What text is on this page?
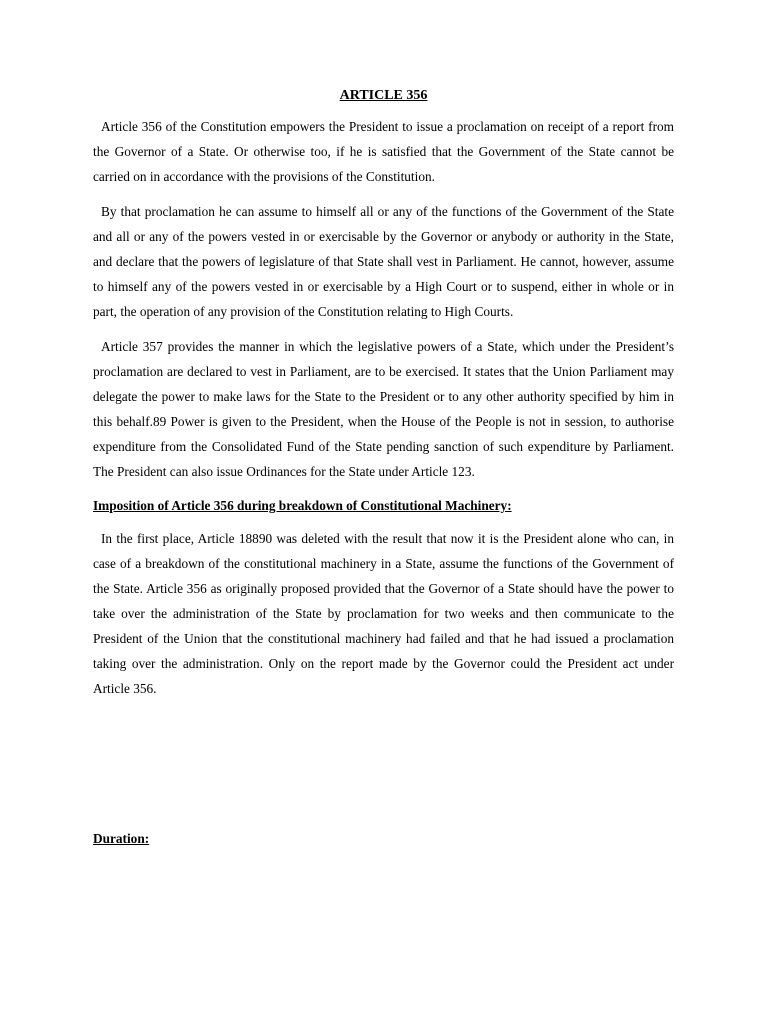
ARTICLE 356

Article 356 of the Constitution empowers the President to issue a proclamation on receipt of a report from the Governor of a State. Or otherwise too, if he is satisfied that the Government of the State cannot be carried on in accordance with the provisions of the Constitution.

By that proclamation he can assume to himself all or any of the functions of the Government of the State and all or any of the powers vested in or exercisable by the Governor or anybody or authority in the State, and declare that the powers of legislature of that State shall vest in Parliament. He cannot, however, assume to himself any of the powers vested in or exercisable by a High Court or to suspend, either in whole or in part, the operation of any provision of the Constitution relating to High Courts.

Article 357 provides the manner in which the legislative powers of a State, which under the President’s proclamation are declared to vest in Parliament, are to be exercised. It states that the Union Parliament may delegate the power to make laws for the State to the President or to any other authority specified by him in this behalf.89 Power is given to the President, when the House of the People is not in session, to authorise expenditure from the Consolidated Fund of the State pending sanction of such expenditure by Parliament. The President can also issue Ordinances for the State under Article 123.

Imposition of Article 356 during breakdown of Constitutional Machinery:

In the first place, Article 18890 was deleted with the result that now it is the President alone who can, in case of a breakdown of the constitutional machinery in a State, assume the functions of the Government of the State. Article 356 as originally proposed provided that the Governor of a State should have the power to take over the administration of the State by proclamation for two weeks and then communicate to the President of the Union that the constitutional machinery had failed and that he had issued a proclamation taking over the administration. Only on the report made by the Governor could the President act under Article 356.

Duration:
